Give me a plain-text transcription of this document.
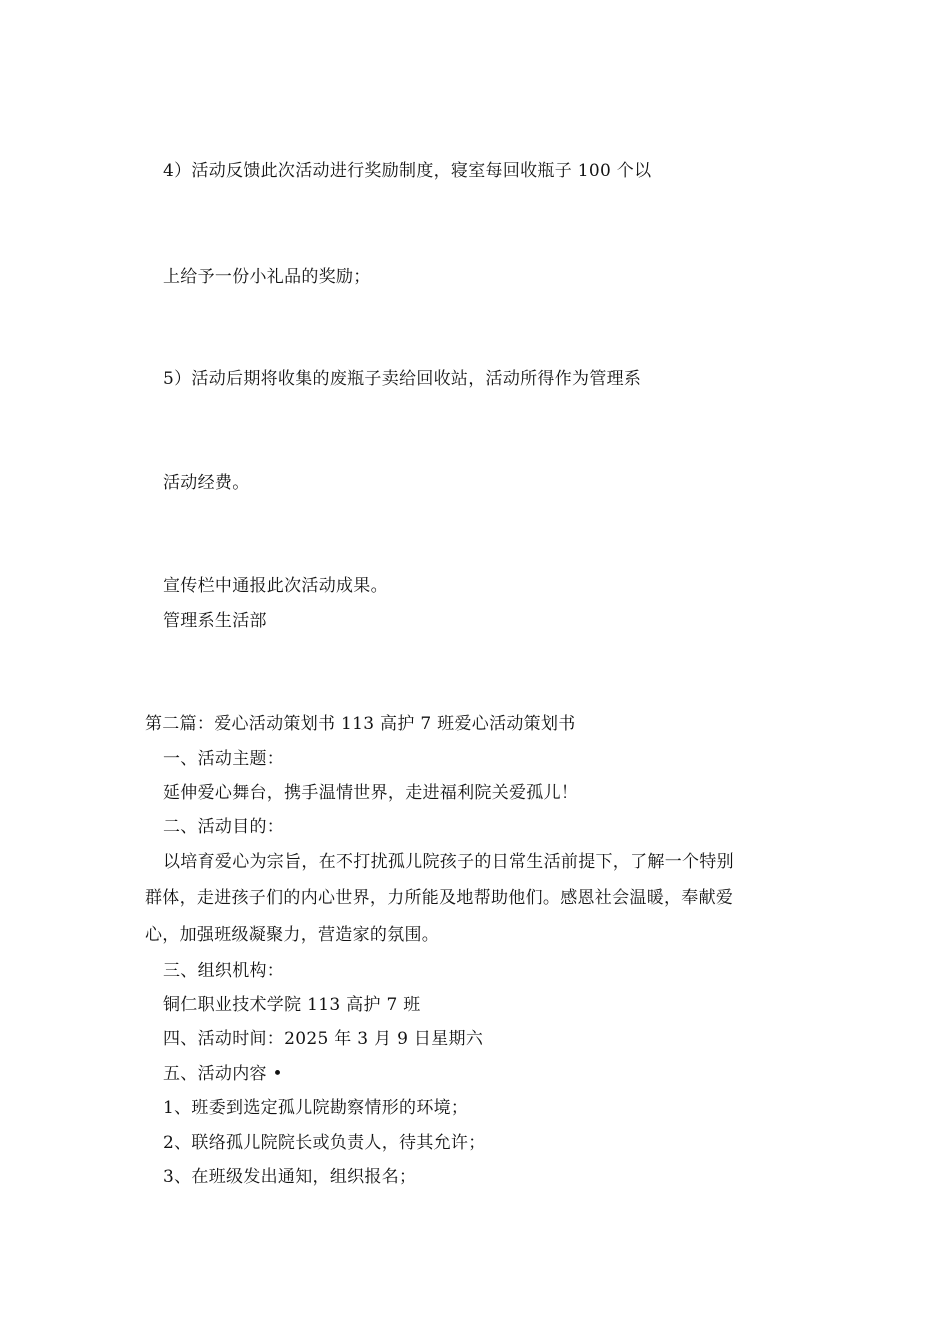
4）活动反馈此次活动进行奖励制度，寝室每回收瓶子 100 个以
上给予一份小礼品的奖励；
5）活动后期将收集的废瓶子卖给回收站，活动所得作为管理系
活动经费。
宣传栏中通报此次活动成果。
管理系生活部
第二篇：爱心活动策划书 113 高护 7 班爱心活动策划书
一、活动主题：
延伸爱心舞台，携手温情世界，走进福利院关爱孤儿！
二、活动目的：
以培育爱心为宗旨，在不打扰孤儿院孩子的日常生活前提下，了解一个特别
群体，走进孩子们的内心世界，力所能及地帮助他们。感恩社会温暖，奉献爱
心，加强班级凝聚力，营造家的氛围。
三、组织机构：
铜仁职业技术学院 113 高护 7 班
四、活动时间：2025 年 3 月 9 日星期六
五、活动内容 •
1、班委到选定孤儿院勘察情形的环境；
2、联络孤儿院院长或负责人，待其允许；
3、在班级发出通知，组织报名；
